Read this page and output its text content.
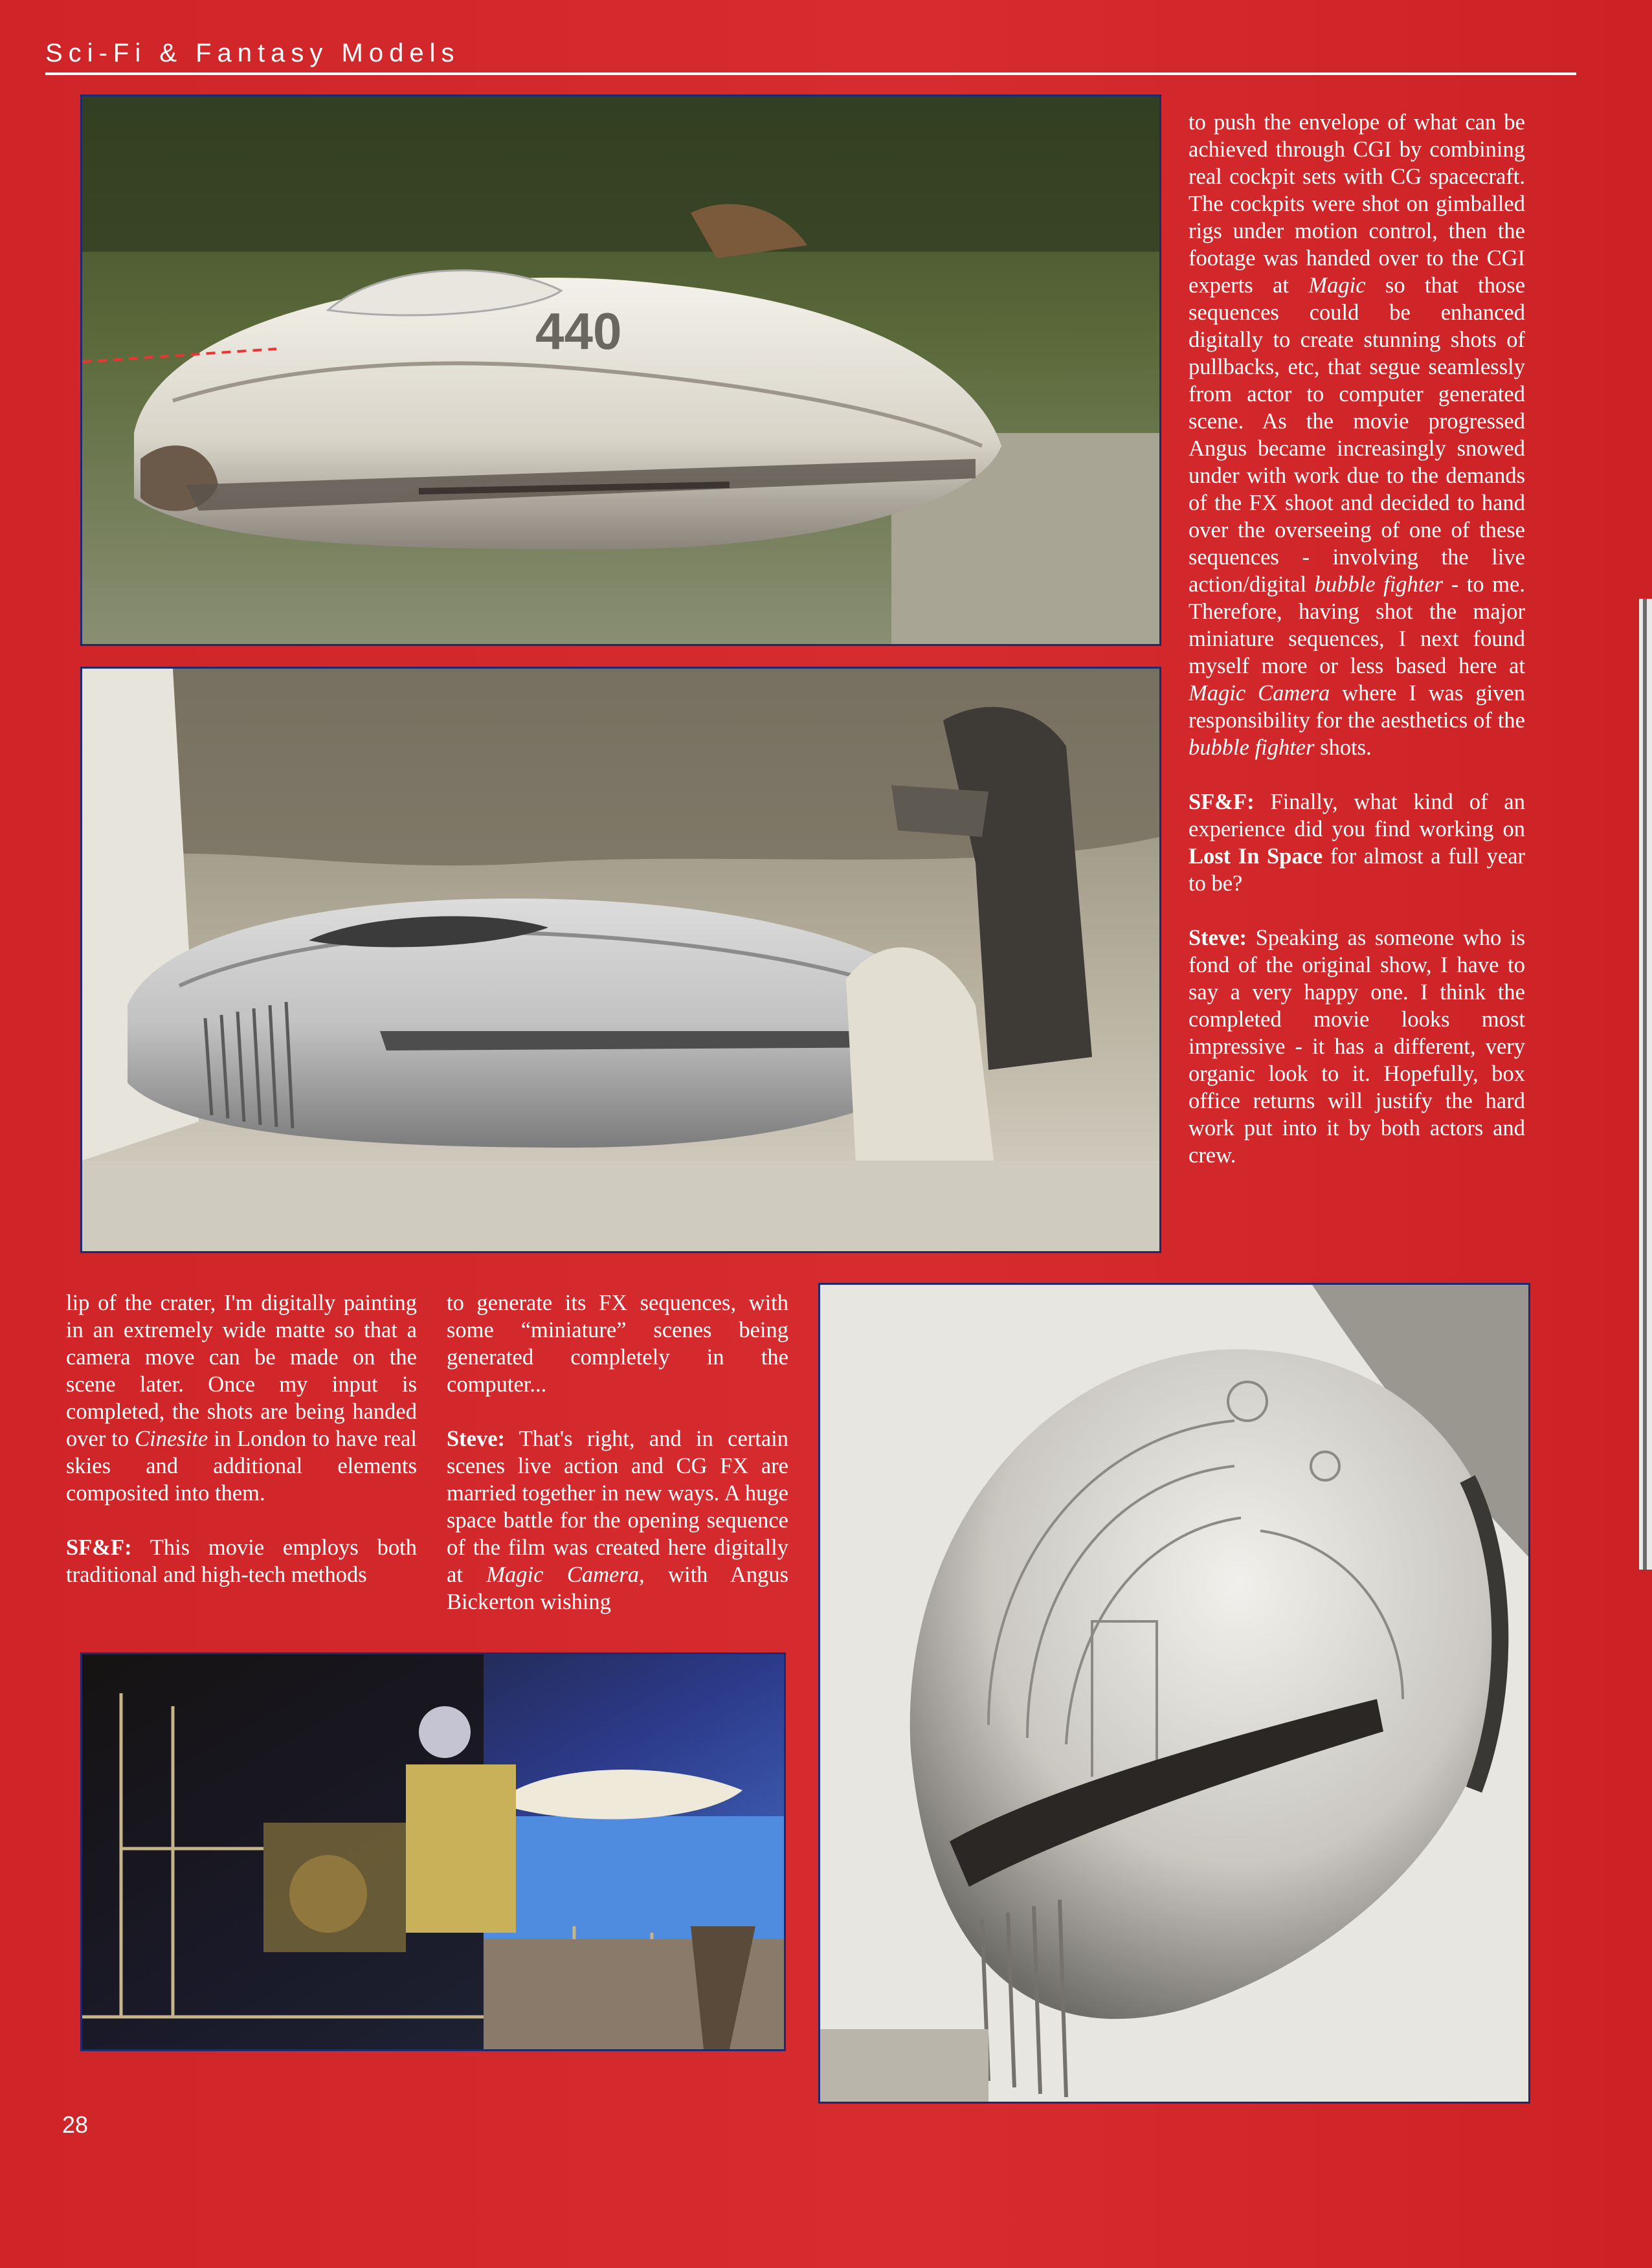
Sci-Fi & Fantasy Models
440

to push the envelope of what can be achieved through CGI by combining real cockpit sets with CG spacecraft. The cockpits were shot on gimballed rigs under motion control, then the footage was handed over to the CGI experts at Magic so that those sequences could be enhanced digitally to create stunning shots of pullbacks, etc, that segue seamlessly from actor to computer generated scene. As the movie progressed Angus became increasingly snowed under with work due to the demands of the FX shoot and decided to hand over the overseeing of one of these sequences - involving the live action/digital bubble fighter - to me. Therefore, having shot the major miniature sequences, I next found myself more or less based here at Magic Camera where I was given responsibility for the aesthetics of the bubble fighter shots.

SF&F: Finally, what kind of an experience did you find working on Lost In Space for almost a full year to be?

Steve: Speaking as someone who is fond of the original show, I have to say a very happy one. I think the completed movie looks most impressive - it has a different, very organic look to it. Hopefully, box office returns will justify the hard work put into it by both actors and crew.

lip of the crater, I'm digitally painting in an extremely wide matte so that a camera move can be made on the scene later. Once my input is completed, the shots are being handed over to Cinesite in London to have real skies and additional elements composited into them.

SF&F: This movie employs both traditional and high-tech methods

to generate its FX sequences, with some “miniature” scenes being generated completely in the computer...

Steve: That's right, and in certain scenes live action and CG FX are married together in new ways. A huge space battle for the opening sequence of the film was created here digitally at Magic Camera, with Angus Bickerton wishing

28
